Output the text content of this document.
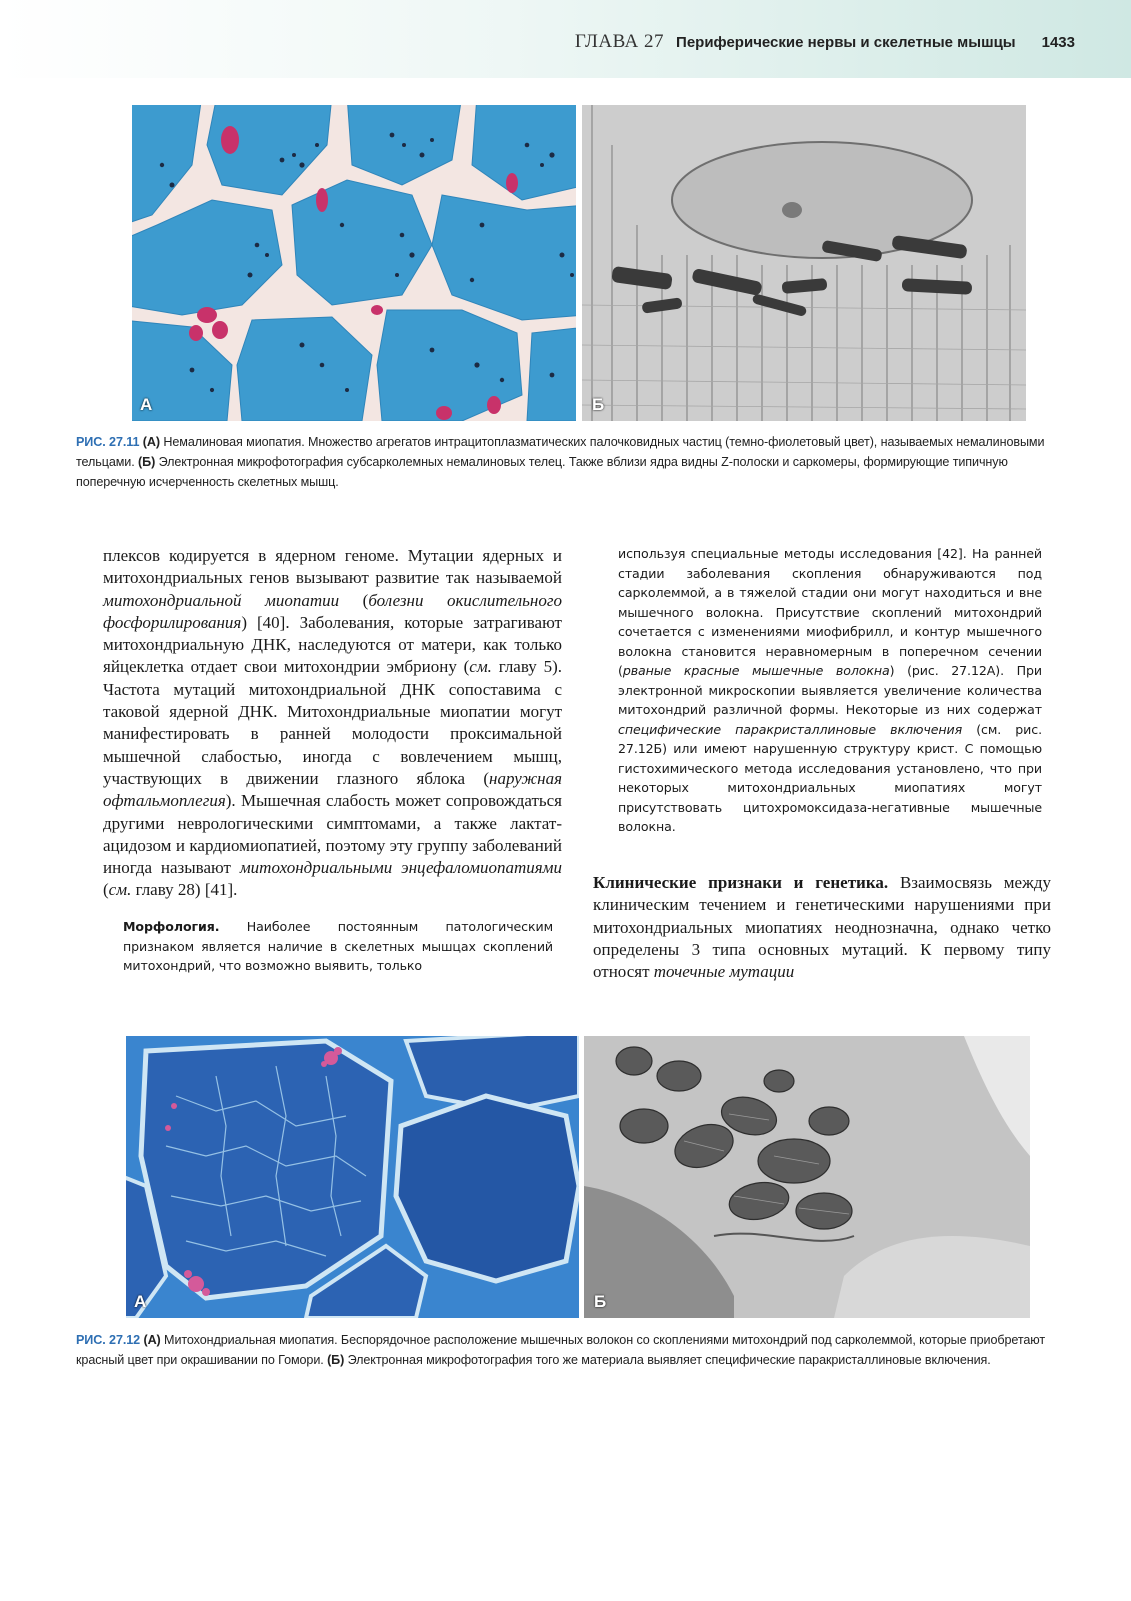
ГЛАВА 27 Периферические нервы и скелетные мышцы 1433
А	Б
РИС. 27.11 (А) Немалиновая миопатия. Множество агрегатов интрацитоплазматических палочковидных частиц (темно-фиолетовый цвет), называемых немалиновыми тельцами. (Б) Электронная микрофотография субсарколемных немалиновых телец. Также вблизи ядра видны Z-полоски и саркомеры, формирующие типичную поперечную исчерченность скелетных мышц.
плексов кодируется в ядерном геноме. Мутации ядерных и митохондриальных генов вызывают развитие так называемой митохондриальной миопатии (болезни окислительного фосфорилирования) [40]. Заболевания, которые затрагивают митохондриальную ДНК, наследуются от матери, как только яйцеклетка отдает свои митохондрии эмбриону (см. главу 5). Частота мутаций митохондриальной ДНК сопоставима с таковой ядерной ДНК. Митохондриальные миопатии могут манифестировать в ранней молодости проксимальной мышечной слабостью, иногда с вовлечением мышц, участвующих в движении глазного яблока (наружная офтальмоплегия). Мышечная слабость может сопровождаться другими неврологическими симптомами, а также лактат-ацидозом и кардиомиопатией, поэтому эту группу заболеваний иногда называют митохондриальными энцефаломиопатиями (см. главу 28) [41].
Морфология. Наиболее постоянным патологическим признаком является наличие в скелетных мышцах скоплений митохондрий, что возможно выявить, только
используя специальные методы исследования [42]. На ранней стадии заболевания скопления обнаруживаются под сарколеммой, а в тяжелой стадии они могут находиться и вне мышечного волокна. Присутствие скоплений митохондрий сочетается с изменениями миофибрилл, и контур мышечного волокна становится неравномерным в поперечном сечении (рваные красные мышечные волокна) (рис. 27.12А). При электронной микроскопии выявляется увеличение количества митохондрий различной формы. Некоторые из них содержат специфические паракристаллиновые включения (см. рис. 27.12Б) или имеют нарушенную структуру крист. С помощью гистохимического метода исследования установлено, что при некоторых митохондриальных миопатиях могут присутствовать цитохромоксидаза-негативные мышечные волокна.
Клинические признаки и генетика. Взаимосвязь между клиническим течением и генетическими нарушениями при митохондриальных миопатиях неоднозначна, однако четко определены 3 типа основных мутаций. К первому типу относят точечные мутации
А	Б
РИС. 27.12 (А) Митохондриальная миопатия. Беспорядочное расположение мышечных волокон со скоплениями митохондрий под сарколеммой, которые приобретают красный цвет при окрашивании по Гомори. (Б) Электронная микрофотография того же материала выявляет специфические паракристаллиновые включения.
